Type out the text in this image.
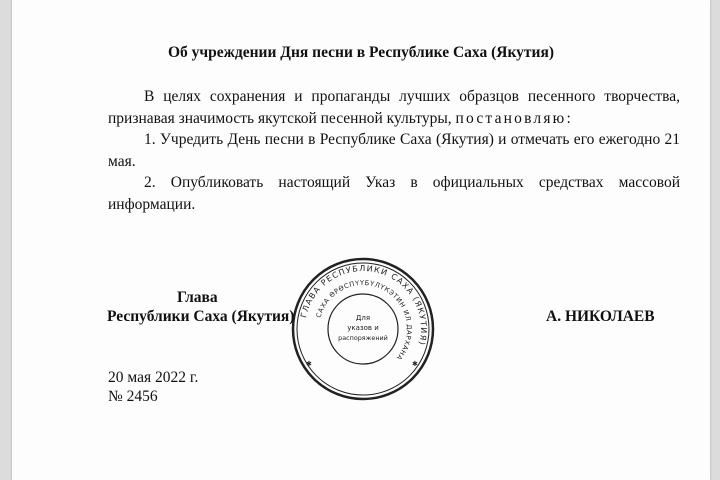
Об учреждении Дня песни в Республике Саха (Якутия)

В целях сохранения и пропаганды лучших образцов песенного творчества, признавая значимость якутской песенной культуры, постановляю:

1. Учредить День песни в Республике Саха (Якутия) и отмечать его ежегодно 21 мая.

2. Опубликовать настоящий Указ в официальных средствах массовой информации.

ГЛАВА РЕСПУБЛИКИ САХА (ЯКУТИЯ)
САХА ӨРӨСПҮҮБҮЛҮКЭТИН ИЛ ДАРХАНА
Для
указов и
распоряжений
✱	✱
Глава
Республики Саха (Якутия)	А. НИКОЛАЕВ
20 мая 2022 г.
№ 2456
